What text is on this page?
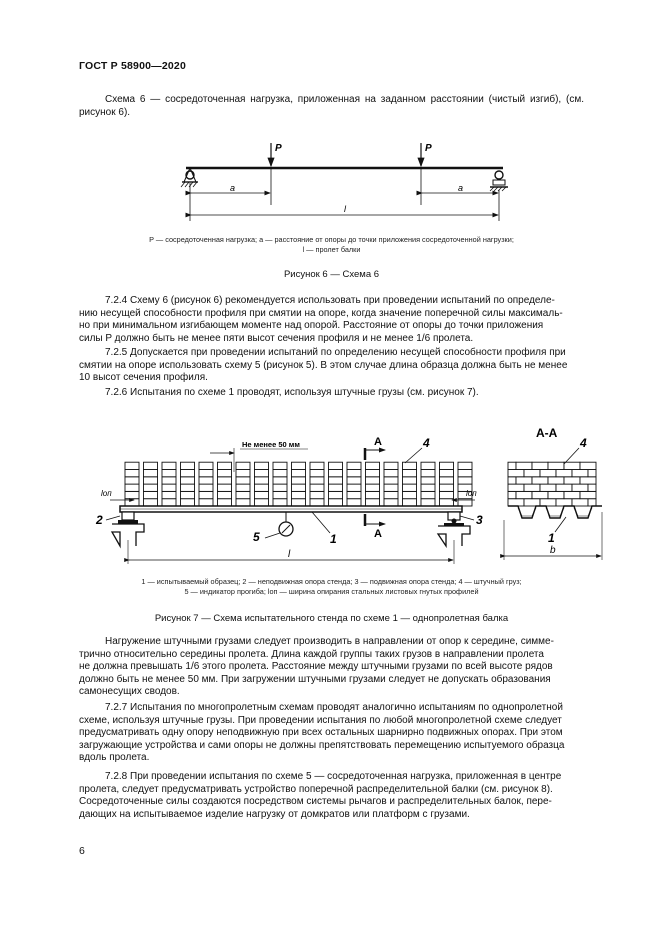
ГОСТ Р 58900—2020
Схема 6 — сосредоточенная нагрузка, приложенная на заданном расстоянии (чистый изгиб), (см. рисунок 6).
P	P
a	a
l
P — сосредоточенная нагрузка; a — расстояние от опоры до точки приложения сосредоточенной нагрузки;
l — пролет балки
Рисунок 6 — Схема 6
7.2.4 Схему 6 (рисунок 6) рекомендуется использовать при проведении испытаний по определе-
нию несущей способности профиля при смятии на опоре, когда значение поперечной силы максималь-
но при минимальном изгибающем моменте над опорой. Расстояние от опоры до точки приложения
силы P должно быть не менее пяти высот сечения профиля и не менее 1/6 пролета.
7.2.5 Допускается при проведении испытаний по определению несущей способности профиля при
смятии на опоре использовать схему 5 (рисунок 5). В этом случае длина образца должна быть не менее
10 высот сечения профиля.
7.2.6 Испытания по схеме 1 проводят, используя штучные грузы (см. рисунок 7).
5	1
2	3
4
lоп	lоп
Не менее 50 мм	A
A
l
A-A
4
1
b
1 — испытываемый образец; 2 — неподвижная опора стенда; 3 — подвижная опора стенда; 4 — штучный груз;
5 — индикатор прогиба; lоп — ширина опирания стальных листовых гнутых профилей
Рисунок 7 — Схема испытательного стенда по схеме 1 — однопролетная балка
Нагружение штучными грузами следует производить в направлении от опор к середине, симме-
трично относительно середины пролета. Длина каждой группы таких грузов в направлении пролета
не должна превышать 1/6 этого пролета. Расстояние между штучными грузами по всей высоте рядов
должно быть не менее 50 мм. При загружении штучными грузами следует не допускать образования
самонесущих сводов.
7.2.7 Испытания по многопролетным схемам проводят аналогично испытаниям по однопролетной
схеме, используя штучные грузы. При проведении испытания по любой многопролетной схеме следует
предусматривать одну опору неподвижную при всех остальных шарнирно подвижных опорах. При этом
загружающие устройства и сами опоры не должны препятствовать перемещению испытуемого образца
вдоль пролета.
7.2.8 При проведении испытания по схеме 5 — сосредоточенная нагрузка, приложенная в центре
пролета, следует предусматривать устройство поперечной распределительной балки (см. рисунок 8).
Сосредоточенные силы создаются посредством системы рычагов и распределительных балок, пере-
дающих на испытываемое изделие нагрузку от домкратов или платформ с грузами.
6
